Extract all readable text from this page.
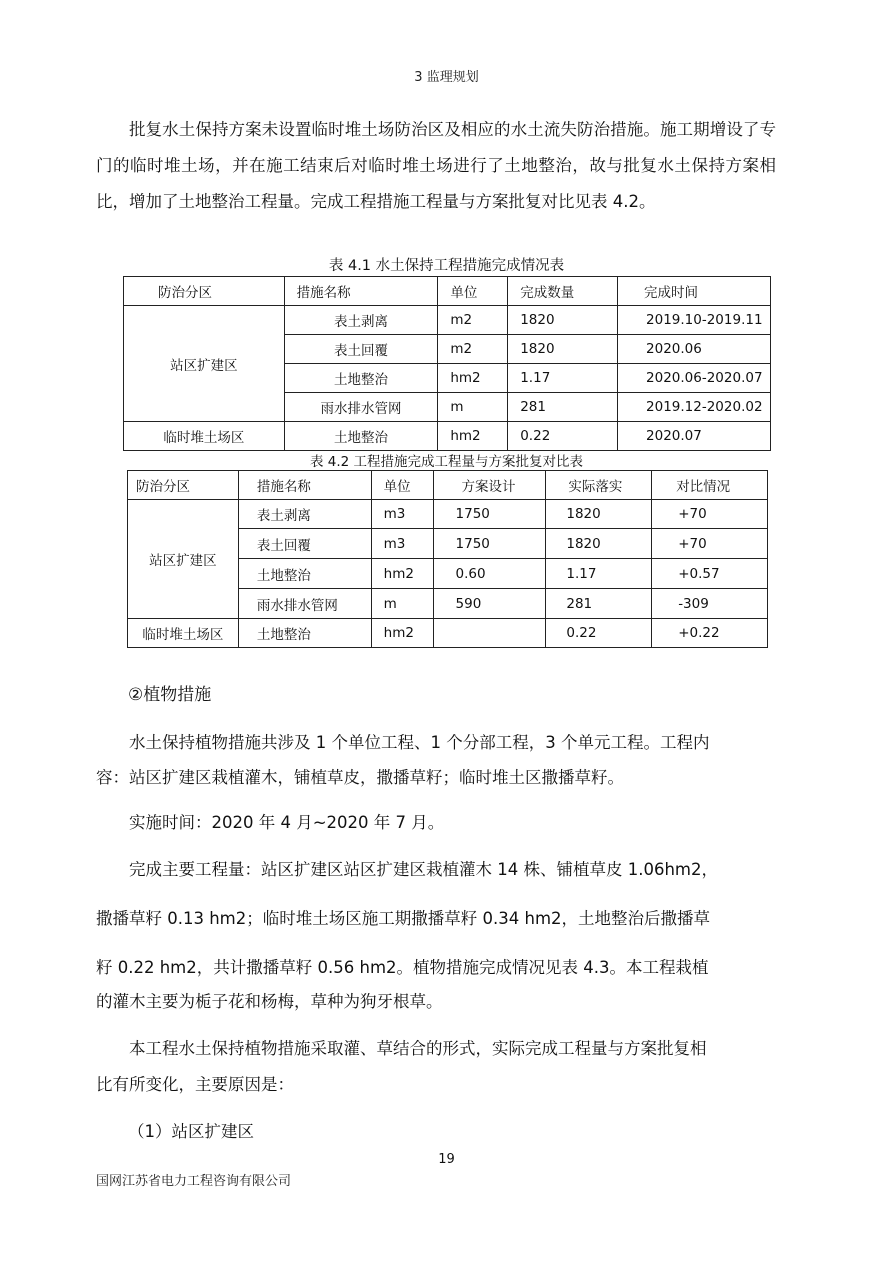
3 监理规划
批复水土保持方案未设置临时堆土场防治区及相应的水土流失防治措施。施工期增设了专门的临时堆土场，并在施工结束后对临时堆土场进行了土地整治，故与批复水土保持方案相比，增加了土地整治工程量。完成工程措施工程量与方案批复对比见表 4.2。
表 4.1 水土保持工程措施完成情况表
防治分区	措施名称	单位	完成数量	完成时间
站区扩建区	表土剥离	m2	1820	2019.10-2019.11
	表土回覆	m2	1820	2020.06
	土地整治	hm2	1.17	2020.06-2020.07
	雨水排水管网	m	281	2019.12-2020.02
临时堆土场区	土地整治	hm2	0.22	2020.07
表 4.2 工程措施完成工程量与方案批复对比表
防治分区	措施名称	单位	方案设计	实际落实	对比情况
站区扩建区	表土剥离	m3	1750	1820	+70
	表土回覆	m3	1750	1820	+70
	土地整治	hm2	0.60	1.17	+0.57
	雨水排水管网	m	590	281	-309
临时堆土场区	土地整治	hm2		0.22	+0.22
②植物措施
水土保持植物措施共涉及 1 个单位工程、1 个分部工程，3 个单元工程。工程内
容：站区扩建区栽植灌木，铺植草皮，撒播草籽；临时堆土区撒播草籽。
实施时间：2020 年 4 月~2020 年 7 月。
完成主要工程量：站区扩建区站区扩建区栽植灌木 14 株、铺植草皮 1.06hm2，
撒播草籽 0.13 hm2；临时堆土场区施工期撒播草籽 0.34 hm2，土地整治后撒播草
籽 0.22 hm2，共计撒播草籽 0.56 hm2。植物措施完成情况见表 4.3。本工程栽植
的灌木主要为栀子花和杨梅，草种为狗牙根草。
本工程水土保持植物措施采取灌、草结合的形式，实际完成工程量与方案批复相
比有所变化，主要原因是：
（1）站区扩建区
19
国网江苏省电力工程咨询有限公司
